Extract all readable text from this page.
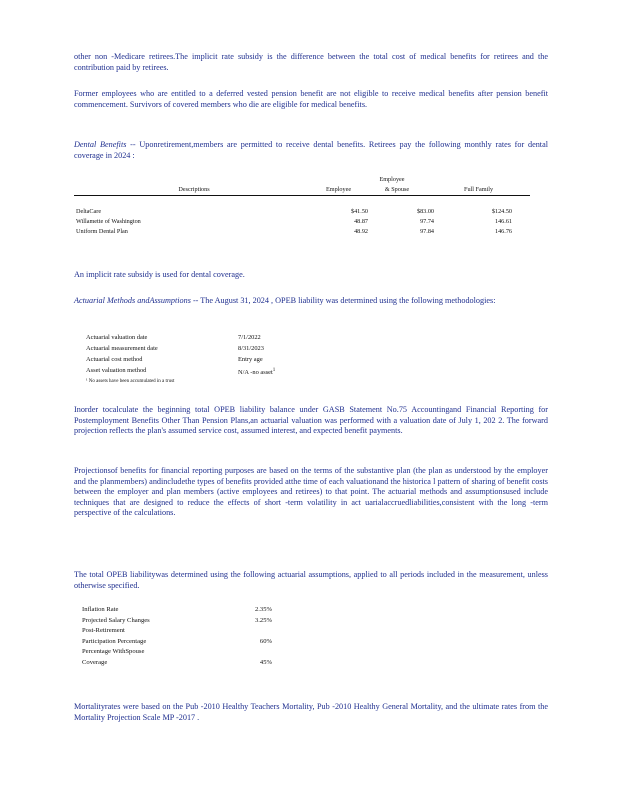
other non -Medicare retirees.The implicit rate subsidy is the difference between the total cost of medical benefits for retirees and the contribution paid by retirees.

Former employees who are entitled to a deferred vested pension benefit are not eligible to receive medical benefits after pension benefit commencement. Survivors of covered members who die are eligible for medical benefits.

Dental Benefits -- Uponretirement,members are permitted to receive dental benefits. Retirees pay the following monthly rates for dental coverage in 2024 :

Employee
Descriptions	Employee	& Spouse	Full Family
DeltaCare	$41.50	$83.00	$124.50
Willamette of Washington	48.87	97.74	146.61
Uniform Dental Plan	48.92	97.84	146.76

An implicit rate subsidy is used for dental coverage.

Actuarial Methods andAssumptions -- The August 31, 2024 , OPEB liability was determined using the following methodologies:

Actuarial valuation date	7/1/2022
Actuarial measurement date	8/31/2023
Actuarial cost method	Entry age
Asset valuation method	N/A -no asset$^1$
¹ No assets have been accumulated in a trust

Inorder tocalculate the beginning total OPEB liability balance under GASB Statement No.75 Accountingand Financial Reporting for Postemployment Benefits Other Than Pension Plans,an actuarial valuation was performed with a valuation date of July 1, 202 2. The forward projection reflects the plan's assumed service cost, assumed interest, and expected benefit payments.

Projectionsof benefits for financial reporting purposes are based on the terms of the substantive plan (the plan as understood by the employer and the planmembers) andincludethe types of benefits provided atthe time of each valuationand the historica l pattern of sharing of benefit costs between the employer and plan members (active employees and retirees) to that point. The actuarial methods and assumptionsused include techniques that are designed to reduce the effects of short -term volatility in act uarialaccruedliabilities,consistent with the long -term perspective of the calculations.

The total OPEB liabilitywas determined using the following actuarial assumptions, applied to all periods included in the measurement, unless otherwise specified.

Inflation Rate	2.35%
Projected Salary Changes	3.25%
Post-Retirement
Participation Percentage	60%
Percentage WithSpouse
Coverage	45%

Mortalityrates were based on the Pub -2010 Healthy Teachers Mortality, Pub -2010 Healthy General Mortality, and the ultimate rates from the Mortality Projection Scale MP -2017 .
